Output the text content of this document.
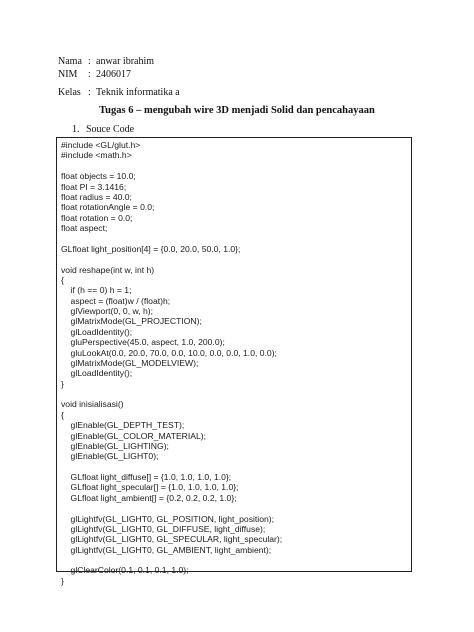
Nama : anwar ibrahim
NIM : 2406017
Kelas : Teknik informatika a
Tugas 6 – mengubah wire 3D menjadi Solid dan pencahayaan
1. Souce Code
#include <GL/glut.h>
#include <math.h>
float objects = 10.0;
float PI = 3.1416;
float radius = 40.0;
float rotationAngle = 0.0;
float rotation = 0.0;
float aspect;
GLfloat light_position[4] = {0.0, 20.0, 50.0, 1.0};
void reshape(int w, int h)
{
if (h == 0) h = 1;
aspect = (float)w / (float)h;
glViewport(0, 0, w, h);
glMatrixMode(GL_PROJECTION);
glLoadIdentity();
gluPerspective(45.0, aspect, 1.0, 200.0);
gluLookAt(0.0, 20.0, 70.0, 0.0, 10.0, 0.0, 0.0, 1.0, 0.0);
glMatrixMode(GL_MODELVIEW);
glLoadIdentity();
}
void inisialisasi()
{
glEnable(GL_DEPTH_TEST);
glEnable(GL_COLOR_MATERIAL);
glEnable(GL_LIGHTING);
glEnable(GL_LIGHT0);
GLfloat light_diffuse[] = {1.0, 1.0, 1.0, 1.0};
GLfloat light_specular[] = {1.0, 1.0, 1.0, 1.0};
GLfloat light_ambient[] = {0.2, 0.2, 0.2, 1.0};
glLightfv(GL_LIGHT0, GL_POSITION, light_position);
glLightfv(GL_LIGHT0, GL_DIFFUSE, light_diffuse);
glLightfv(GL_LIGHT0, GL_SPECULAR, light_specular);
glLightfv(GL_LIGHT0, GL_AMBIENT, light_ambient);
glClearColor(0.1, 0.1, 0.1, 1.0);
}
